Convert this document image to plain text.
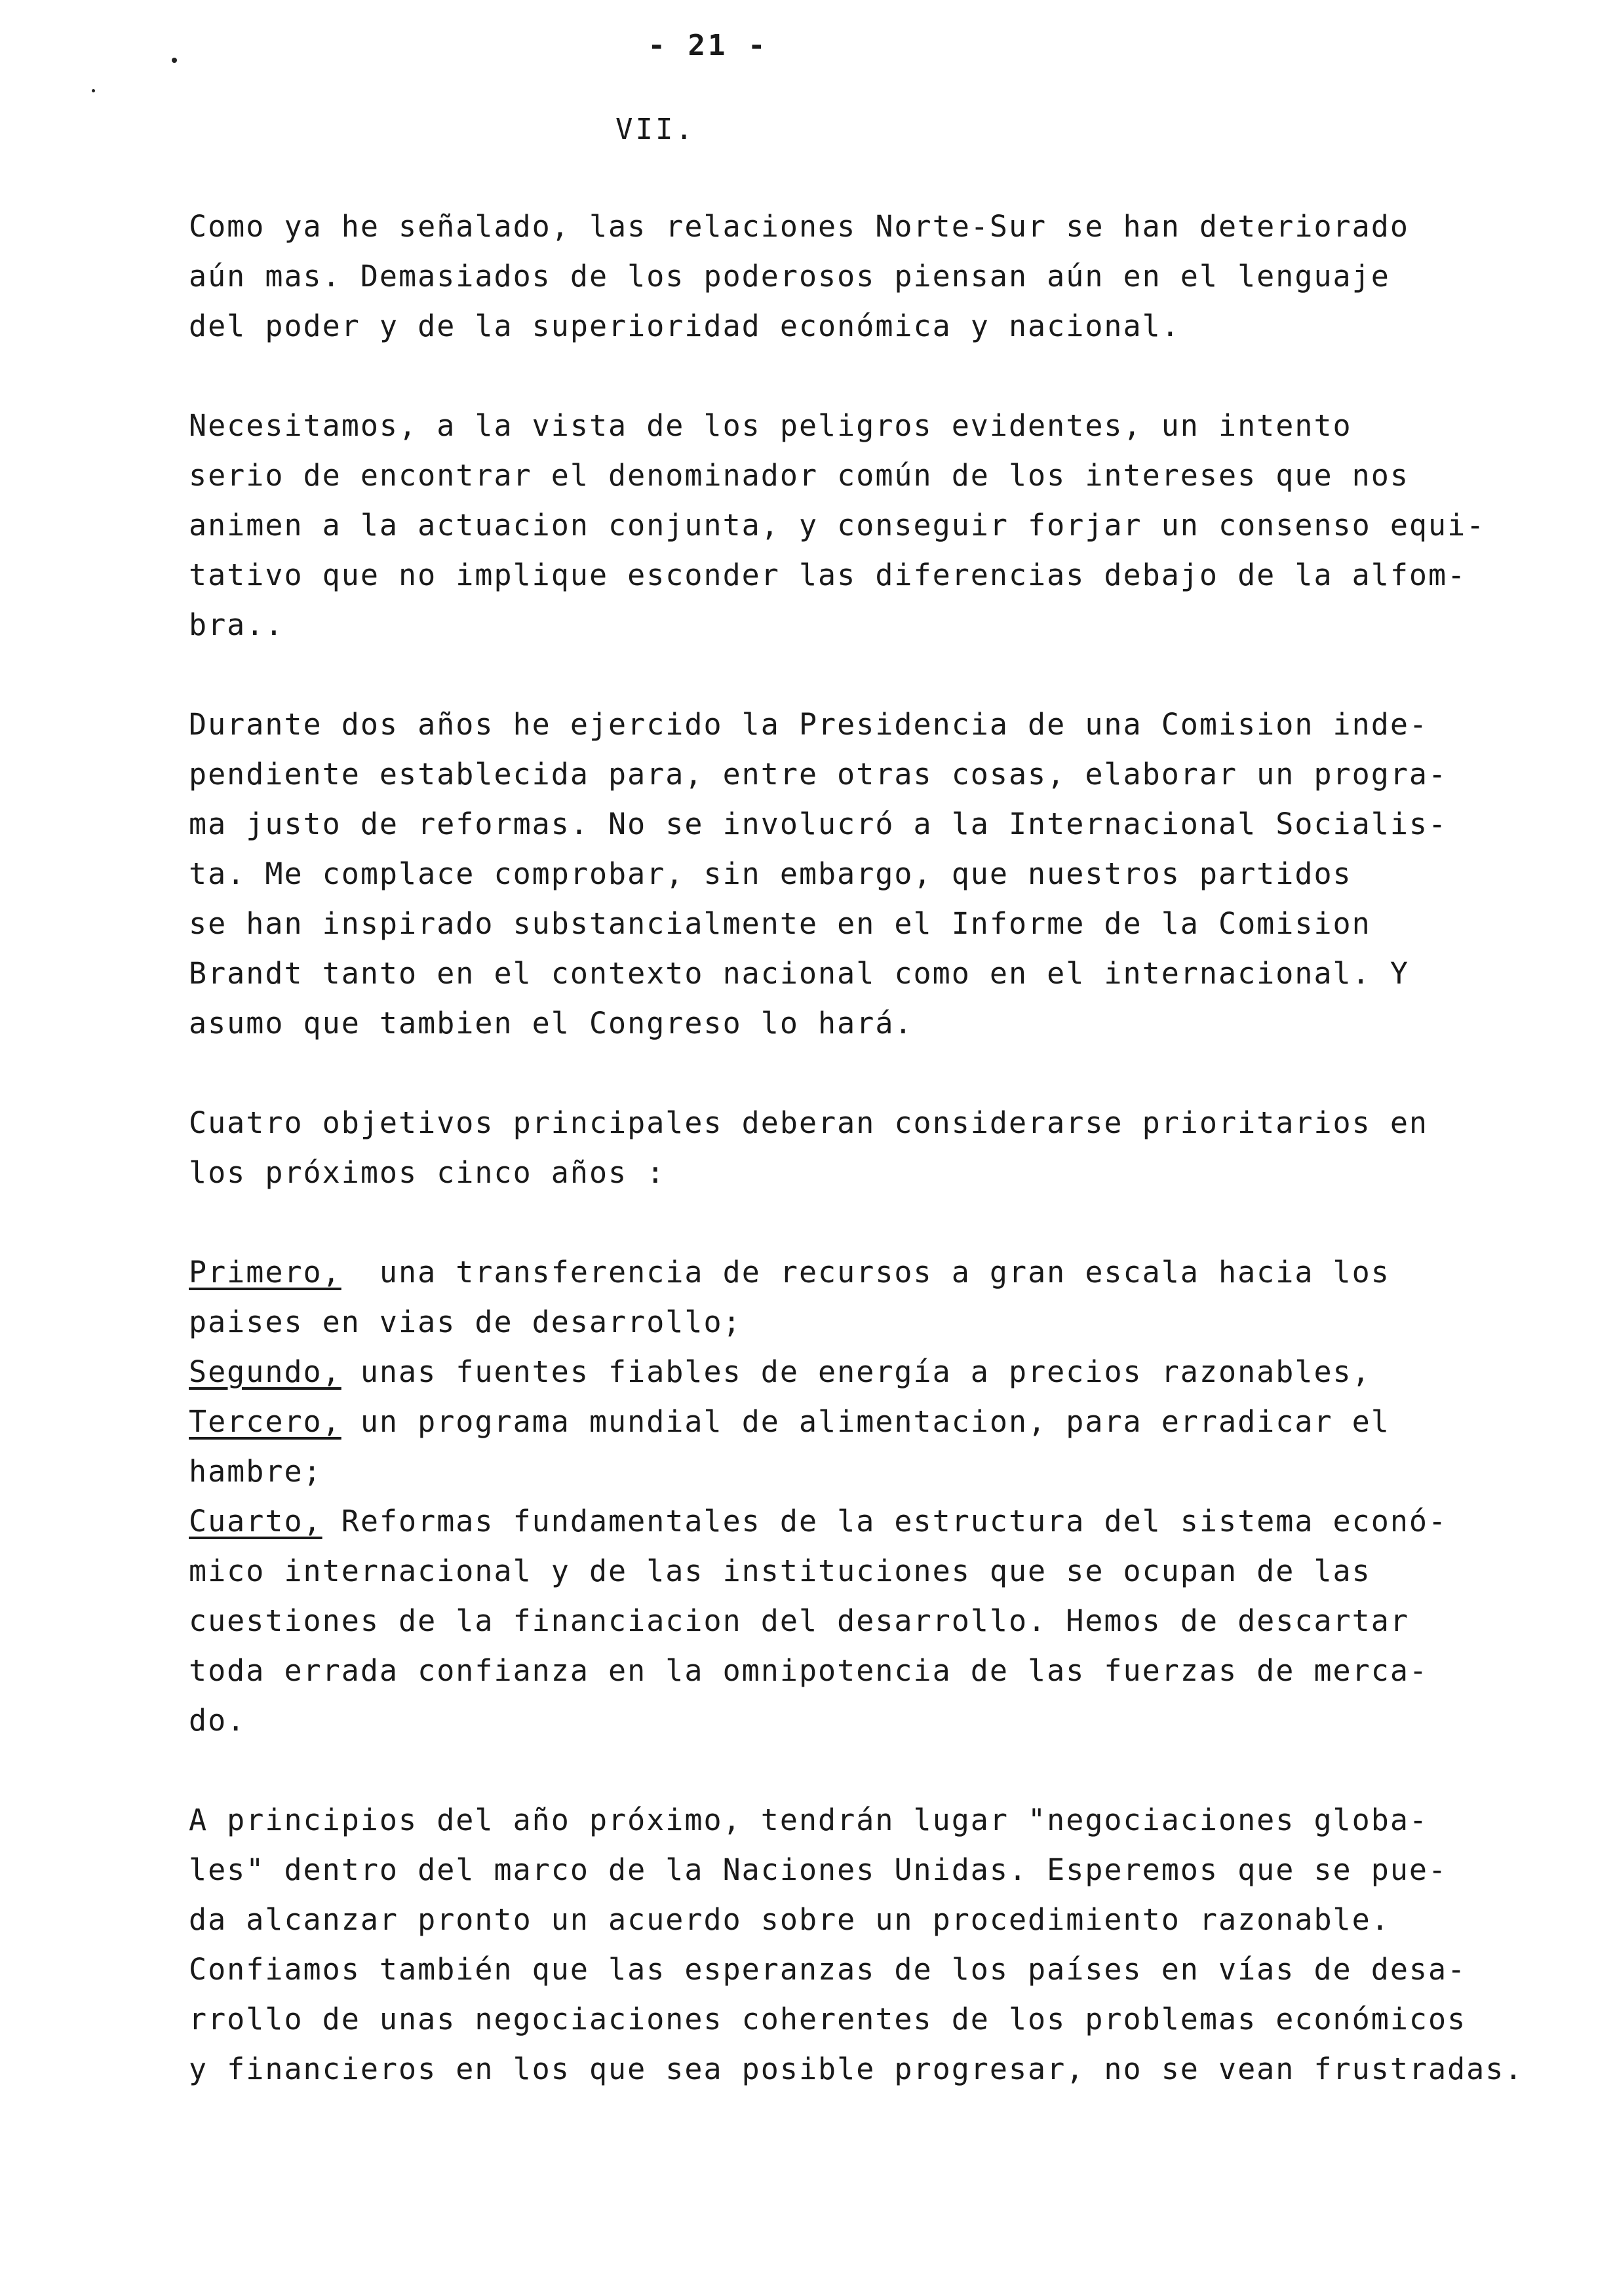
- 21 -
VII.
Como ya he señalado, las relaciones Norte-Sur se han deteriorado
aún mas. Demasiados de los poderosos piensan aún en el lenguaje
del poder y de la superioridad económica y nacional.
Necesitamos, a la vista de los peligros evidentes, un intento
serio de encontrar el denominador común de los intereses que nos
animen a la actuacion conjunta, y conseguir forjar un consenso equi-
tativo que no implique esconder las diferencias debajo de la alfom-
bra..
Durante dos años he ejercido la Presidencia de una Comision inde-
pendiente establecida para, entre otras cosas, elaborar un progra-
ma justo de reformas. No se involucró a la Internacional Socialis-
ta. Me complace comprobar, sin embargo, que nuestros partidos
se han inspirado substancialmente en el Informe de la Comision
Brandt tanto en el contexto nacional como en el internacional. Y
asumo que tambien el Congreso lo hará.
Cuatro objetivos principales deberan considerarse prioritarios en
los próximos cinco años :
Primero,  una transferencia de recursos a gran escala hacia los
paises en vias de desarrollo;
Segundo, unas fuentes fiables de energía a precios razonables,
Tercero, un programa mundial de alimentacion, para erradicar el
hambre;
Cuarto, Reformas fundamentales de la estructura del sistema econó-
mico internacional y de las instituciones que se ocupan de las
cuestiones de la financiacion del desarrollo. Hemos de descartar
toda errada confianza en la omnipotencia de las fuerzas de merca-
do.
A principios del año próximo, tendrán lugar "negociaciones globa-
les" dentro del marco de la Naciones Unidas. Esperemos que se pue-
da alcanzar pronto un acuerdo sobre un procedimiento razonable.
Confiamos también que las esperanzas de los países en vías de desa-
rrollo de unas negociaciones coherentes de los problemas económicos
y financieros en los que sea posible progresar, no se vean frustradas.
